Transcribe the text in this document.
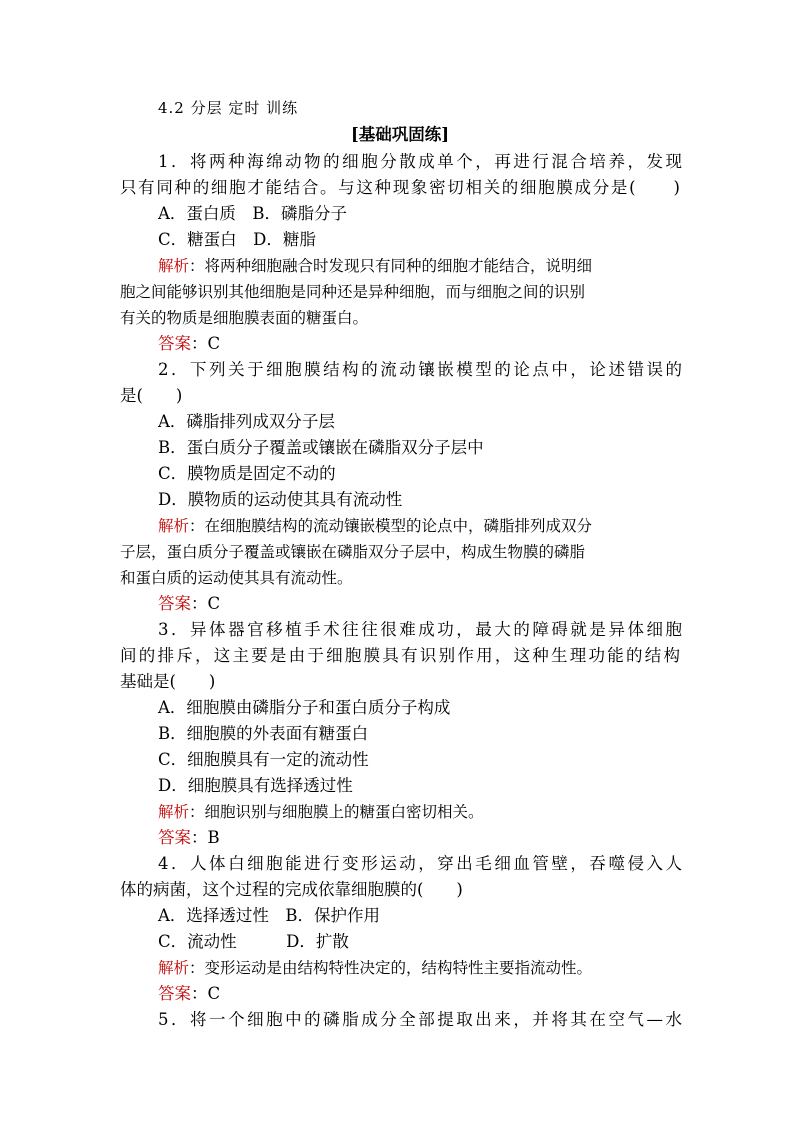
4.2 分层 定时 训练
[基础巩固练]
1．将两种海绵动物的细胞分散成单个，再进行混合培养，发现
只有同种的细胞才能结合。与这种现象密切相关的细胞膜成分是(　　)
A．蛋白质　B．磷脂分子
C．糖蛋白　D．糖脂
解析：将两种细胞融合时发现只有同种的细胞才能结合，说明细
胞之间能够识别其他细胞是同种还是异种细胞，而与细胞之间的识别
有关的物质是细胞膜表面的糖蛋白。
答案：C
2．下列关于细胞膜结构的流动镶嵌模型的论点中，论述错误的
是(　　)
A．磷脂排列成双分子层
B．蛋白质分子覆盖或镶嵌在磷脂双分子层中
C．膜物质是固定不动的
D．膜物质的运动使其具有流动性
解析：在细胞膜结构的流动镶嵌模型的论点中，磷脂排列成双分
子层，蛋白质分子覆盖或镶嵌在磷脂双分子层中，构成生物膜的磷脂
和蛋白质的运动使其具有流动性。
答案：C
3．异体器官移植手术往往很难成功，最大的障碍就是异体细胞
间的排斥，这主要是由于细胞膜具有识别作用，这种生理功能的结构
基础是(　　)
A．细胞膜由磷脂分子和蛋白质分子构成
B．细胞膜的外表面有糖蛋白
C．细胞膜具有一定的流动性
D．细胞膜具有选择透过性
解析：细胞识别与细胞膜上的糖蛋白密切相关。
答案：B
4．人体白细胞能进行变形运动，穿出毛细血管壁，吞噬侵入人
体的病菌，这个过程的完成依靠细胞膜的(　　)
A．选择透过性　B．保护作用
C．流动性　　　D．扩散
解析：变形运动是由结构特性决定的，结构特性主要指流动性。
答案：C
5．将一个细胞中的磷脂成分全部提取出来，并将其在空气—水
